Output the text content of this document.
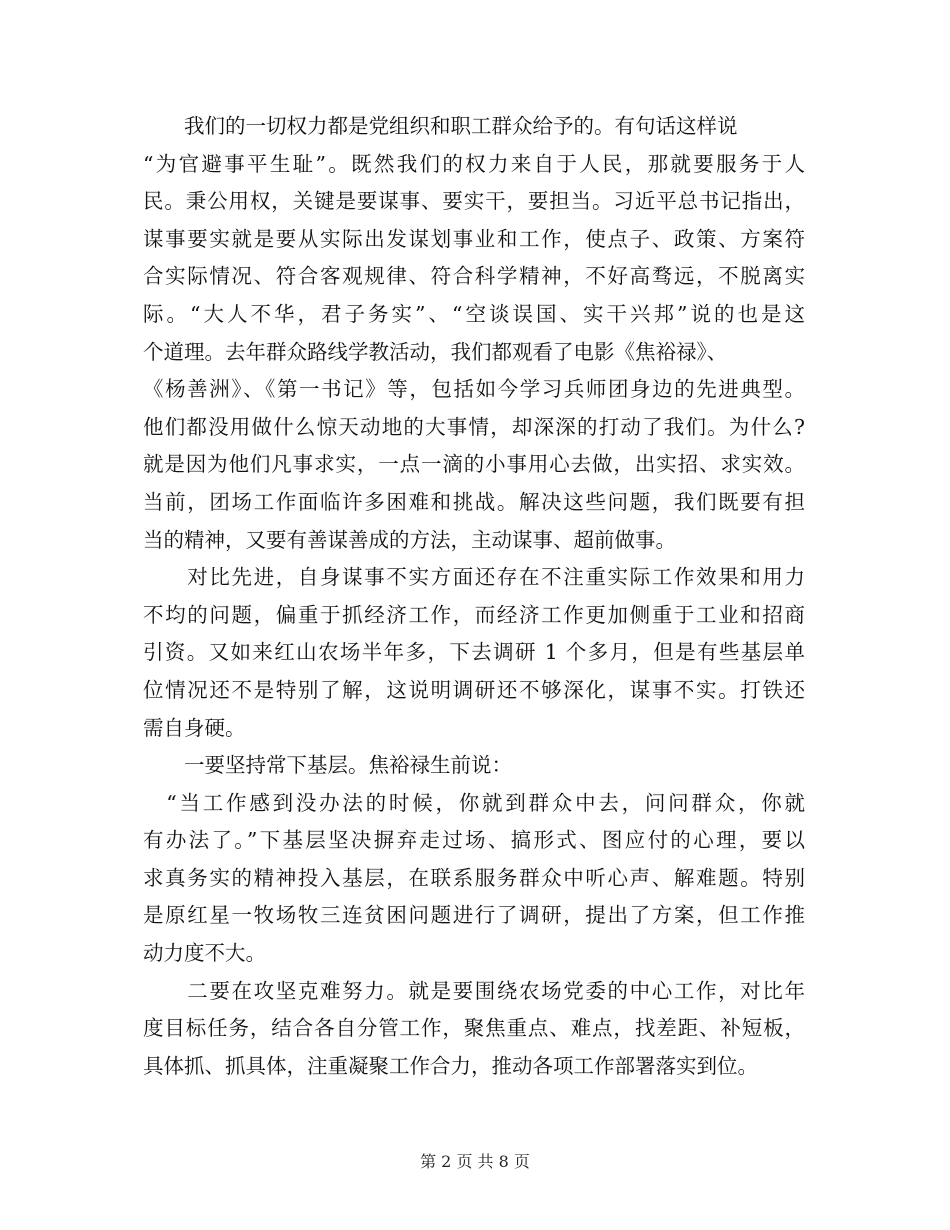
　　我们的一切权力都是党组织和职工群众给予的。有句话这样说
“为官避事平生耻”。既然我们的权力来自于人民，那就要服务于人
民。秉公用权，关键是要谋事、要实干，要担当。习近平总书记指出，
谋事要实就是要从实际出发谋划事业和工作，使点子、政策、方案符
合实际情况、符合客观规律、符合科学精神，不好高骛远，不脱离实
际。“大人不华，君子务实”、“空谈误国、实干兴邦”说的也是这
个道理。去年群众路线学教活动，我们都观看了电影《焦裕禄》、
《杨善洲》、《第一书记》等，包括如今学习兵师团身边的先进典型。
他们都没用做什么惊天动地的大事情，却深深的打动了我们。为什么?
就是因为他们凡事求实，一点一滴的小事用心去做，出实招、求实效。
当前，团场工作面临许多困难和挑战。解决这些问题，我们既要有担
当的精神，又要有善谋善成的方法，主动谋事、超前做事。
　　对比先进，自身谋事不实方面还存在不注重实际工作效果和用力
不均的问题，偏重于抓经济工作，而经济工作更加侧重于工业和招商
引资。又如来红山农场半年多，下去调研 1 个多月，但是有些基层单
位情况还不是特别了解，这说明调研还不够深化，谋事不实。打铁还
需自身硬。
　　一要坚持常下基层。焦裕禄生前说：
　“当工作感到没办法的时候，你就到群众中去，问问群众，你就
有办法了。”下基层坚决摒弃走过场、搞形式、图应付的心理，要以
求真务实的精神投入基层，在联系服务群众中听心声、解难题。特别
是原红星一牧场牧三连贫困问题进行了调研，提出了方案，但工作推
动力度不大。
　　二要在攻坚克难努力。就是要围绕农场党委的中心工作，对比年
度目标任务，结合各自分管工作，聚焦重点、难点，找差距、补短板，
具体抓、抓具体，注重凝聚工作合力，推动各项工作部署落实到位。
第 2 页 共 8 页
